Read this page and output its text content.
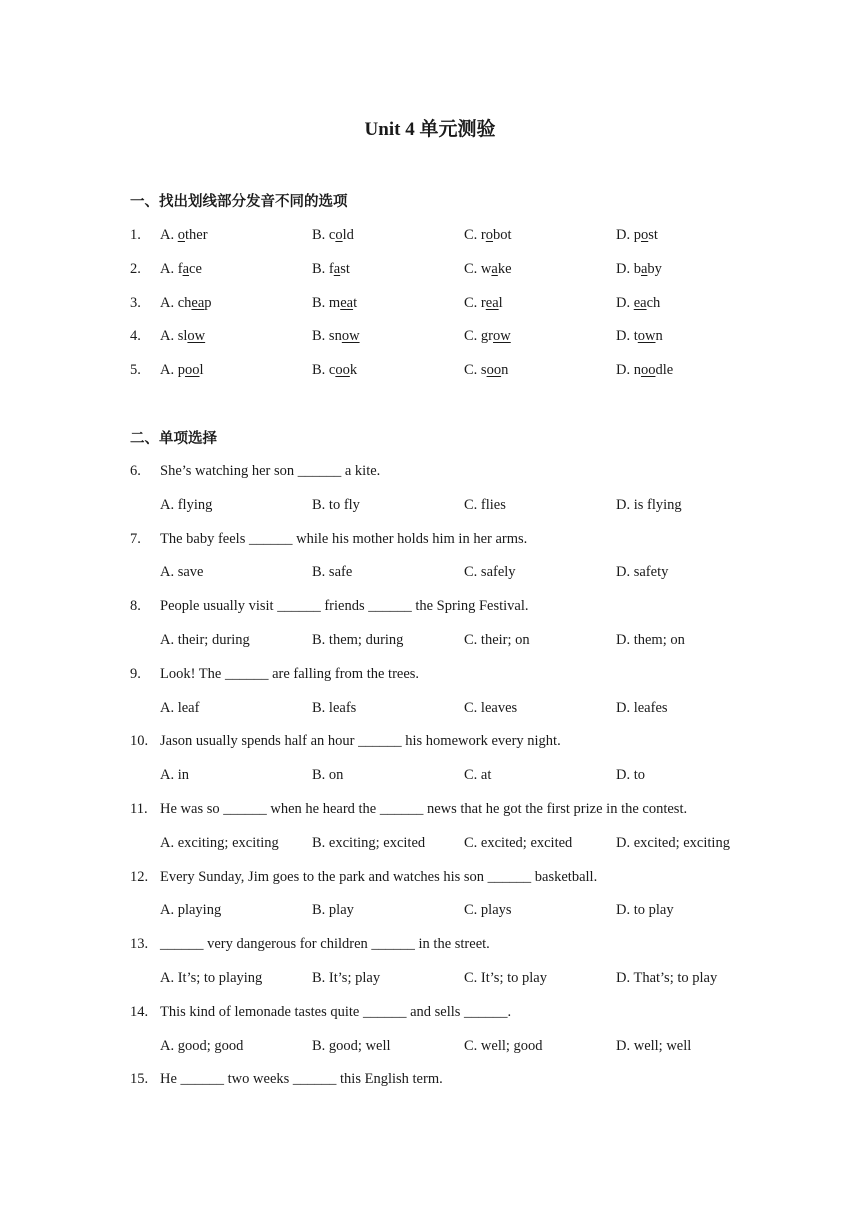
Unit 4 单元测验
一、找出划线部分发音不同的选项
1. A. other	B. cold	C. robot	D. post
2. A. face	B. fast	C. wake	D. baby
3. A. cheap	B. meat	C. real	D. each
4. A. slow	B. snow	C. grow	D. town
5. A. pool	B. cook	C. soon	D. noodle
二、单项选择
6. She’s watching her son ______ a kite.
A. flying	B. to fly	C. flies	D. is flying
7. The baby feels ______ while his mother holds him in her arms.
A. save	B. safe	C. safely	D. safety
8. People usually visit ______ friends ______ the Spring Festival.
A. their; during	B. them; during	C. their; on	D. them; on
9. Look! The ______ are falling from the trees.
A. leaf	B. leafs	C. leaves	D. leafes
10. Jason usually spends half an hour ______ his homework every night.
A. in	B. on	C. at	D. to
11. He was so ______ when he heard the ______ news that he got the first prize in the contest.
A. exciting; exciting B. exciting; excited	C. excited; excited	D. excited; exciting
12. Every Sunday, Jim goes to the park and watches his son ______ basketball.
A. playing	B. play	C. plays	D. to play
13. ______ very dangerous for children ______ in the street.
A. It’s; to playing	B. It’s; play	C. It’s; to play	D. That’s; to play
14. This kind of lemonade tastes quite ______ and sells ______.
A. good; good	B. good; well	C. well; good	D. well; well
15. He ______ two weeks ______ this English term.
